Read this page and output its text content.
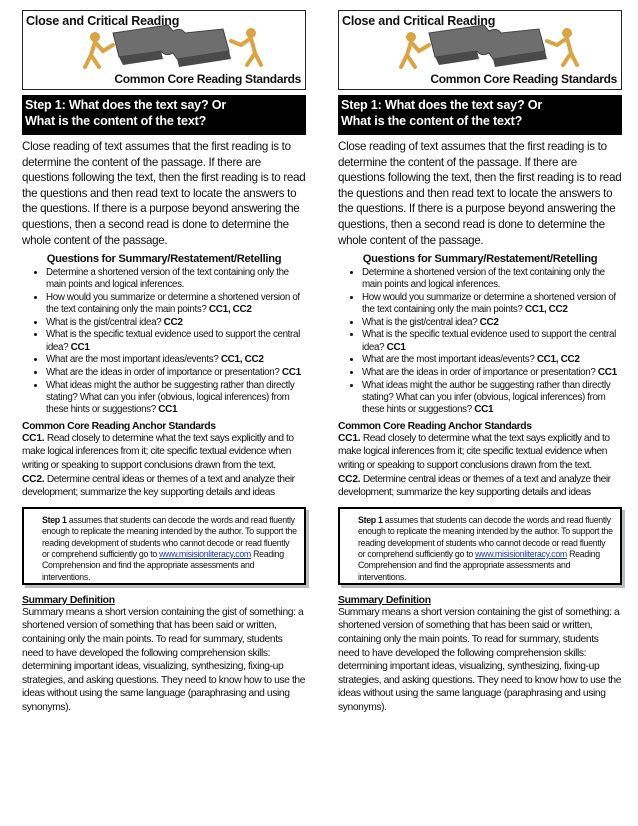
Close and Critical Reading
Common Core Reading Standards
Step 1: What does the text say? Or
What is the content of the text?

Close reading of text assumes that the first reading is to determine the content of the passage. If there are questions following the text, then the first reading is to read the questions and then read text to locate the answers to the questions. If there is a purpose beyond answering the questions, then a second read is done to determine the whole content of the passage.

Questions for Summary/Restatement/Retelling
• Determine a shortened version of the text containing only the main points and logical inferences.
• How would you summarize or determine a shortened version of the text containing only the main points? CC1, CC2
• What is the gist/central idea? CC2
• What is the specific textual evidence used to support the central idea? CC1
• What are the most important ideas/events? CC1, CC2
• What are the ideas in order of importance or presentation? CC1
• What ideas might the author be suggesting rather than directly stating? What can you infer (obvious, logical inferences) from these hints or suggestions? CC1
Common Core Reading Anchor Standards

CC1. Read closely to determine what the text says explicitly and to make logical inferences from it; cite specific textual evidence when writing or speaking to support conclusions drawn from the text.

CC2. Determine central ideas or themes of a text and analyze their development; summarize the key supporting details and ideas

Step 1 assumes that students can decode the words and read fluently enough to replicate the meaning intended by the author. To support the reading development of students who cannot decode or read fluently or comprehend sufficiently go to www.misisionliteracy.com Reading Comprehension and find the appropriate assessments and interventions.

Summary Definition

Summary means a short version containing the gist of something: a shortened version of something that has been said or written, containing only the main points. To read for summary, students need to have developed the following comprehension skills: determining important ideas, visualizing, synthesizing, fixing-up strategies, and asking questions. They need to know how to use the ideas without using the same language (paraphrasing and using synonyms).

Close and Critical Reading
Common Core Reading Standards
Step 1: What does the text say? Or
What is the content of the text?

Close reading of text assumes that the first reading is to determine the content of the passage. If there are questions following the text, then the first reading is to read the questions and then read text to locate the answers to the questions. If there is a purpose beyond answering the questions, then a second read is done to determine the whole content of the passage.

Questions for Summary/Restatement/Retelling
• Determine a shortened version of the text containing only the main points and logical inferences.
• How would you summarize or determine a shortened version of the text containing only the main points? CC1, CC2
• What is the gist/central idea? CC2
• What is the specific textual evidence used to support the central idea? CC1
• What are the most important ideas/events? CC1, CC2
• What are the ideas in order of importance or presentation? CC1
• What ideas might the author be suggesting rather than directly stating? What can you infer (obvious, logical inferences) from these hints or suggestions? CC1
Common Core Reading Anchor Standards

CC1. Read closely to determine what the text says explicitly and to make logical inferences from it; cite specific textual evidence when writing or speaking to support conclusions drawn from the text.

CC2. Determine central ideas or themes of a text and analyze their development; summarize the key supporting details and ideas

Step 1 assumes that students can decode the words and read fluently enough to replicate the meaning intended by the author. To support the reading development of students who cannot decode or read fluently or comprehend sufficiently go to www.misisionliteracy.com Reading Comprehension and find the appropriate assessments and interventions.

Summary Definition

Summary means a short version containing the gist of something: a shortened version of something that has been said or written, containing only the main points. To read for summary, students need to have developed the following comprehension skills: determining important ideas, visualizing, synthesizing, fixing-up strategies, and asking questions. They need to know how to use the ideas without using the same language (paraphrasing and using synonyms).
